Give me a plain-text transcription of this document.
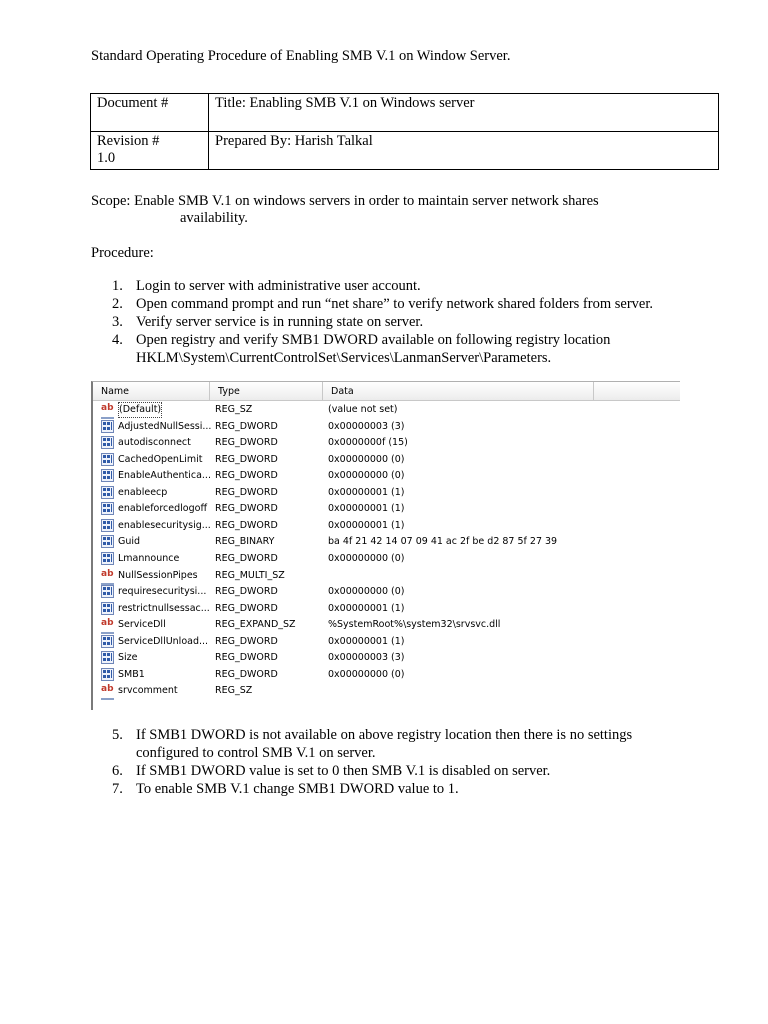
Standard Operating Procedure of Enabling SMB V.1 on Window Server.
Document #	Title: Enabling SMB V.1 on Windows server

Revision #
1.0	Prepared By: Harish Talkal
Scope: Enable SMB V.1 on windows servers in order to maintain server network shares
availability.
Procedure:
1. Login to server with administrative user account.
2. Open command prompt and run “net share” to verify network shared folders from server.
3. Verify server service is in running state on server.
4. Open registry and verify SMB1 DWORD available on following registry location
HKLM\System\CurrentControlSet\Services\LanmanServer\Parameters.
Name	Type	Data
ab (Default)	REG_SZ	(value not set)
AdjustedNullSessi... REG_DWORD	0x00000003 (3)
autodisconnect	REG_DWORD	0x0000000f (15)
CachedOpenLimit REG_DWORD	0x00000000 (0)
EnableAuthentica... REG_DWORD	0x00000000 (0)
enableecp	REG_DWORD	0x00000001 (1)
enableforcedlogoff REG_DWORD	0x00000001 (1)
enablesecuritysig... REG_DWORD	0x00000001 (1)
Guid	REG_BINARY	ba 4f 21 42 14 07 09 41 ac 2f be d2 87 5f 27 39
Lmannounce	REG_DWORD	0x00000000 (0)
ab NullSessionPipes REG_MULTI_SZ
requiresecuritysi... REG_DWORD	0x00000000 (0)
restrictnullsessac... REG_DWORD	0x00000001 (1)
ab ServiceDll	REG_EXPAND_SZ	%SystemRoot%\system32\srvsvc.dll
ServiceDllUnload... REG_DWORD	0x00000001 (1)
Size	REG_DWORD	0x00000003 (3)
SMB1	REG_DWORD	0x00000000 (0)
ab srvcomment	REG_SZ
5. If SMB1 DWORD is not available on above registry location then there is no settings
configured to control SMB V.1 on server.
6. If SMB1 DWORD value is set to 0 then SMB V.1 is disabled on server.
7. To enable SMB V.1 change SMB1 DWORD value to 1.
